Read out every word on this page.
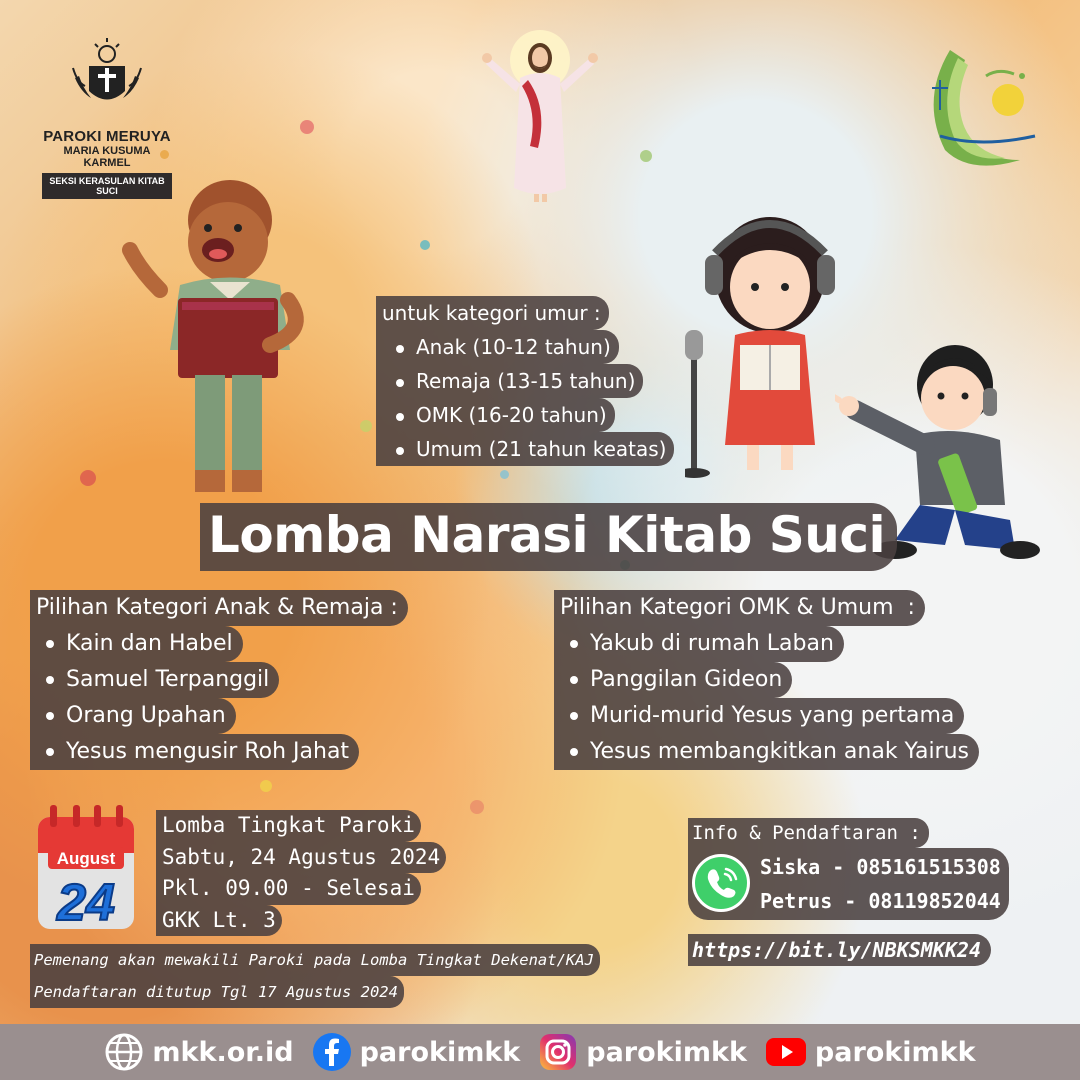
PAROKI MERUYA
MARIA KUSUMA KARMEL
SEKSI KERASULAN KITAB SUCI
untuk kategori umur :
Anak (10-12 tahun)
Remaja (13-15 tahun)
OMK (16-20 tahun)
Umum (21 tahun keatas)
Lomba Narasi Kitab Suci
Pilihan Kategori Anak & Remaja :
Kain dan Habel
Samuel Terpanggil
Orang Upahan
Yesus mengusir Roh Jahat
Pilihan Kategori OMK & Umum  :
Yakub di rumah Laban
Panggilan Gideon
Murid-murid Yesus yang pertama
Yesus membangkitkan anak Yairus
August
24
Lomba Tingkat Paroki
Sabtu, 24 Agustus 2024
Pkl. 09.00 - Selesai
GKK Lt. 3
Pemenang akan mewakili Paroki pada Lomba Tingkat Dekenat/KAJ
Pendaftaran ditutup Tgl 17 Agustus 2024
Info & Pendaftaran :
Siska - 085161515308
Petrus - 08119852044
https://bit.ly/NBKSMKK24
mkk.or.id parokimkk parokimkk	parokimkk
